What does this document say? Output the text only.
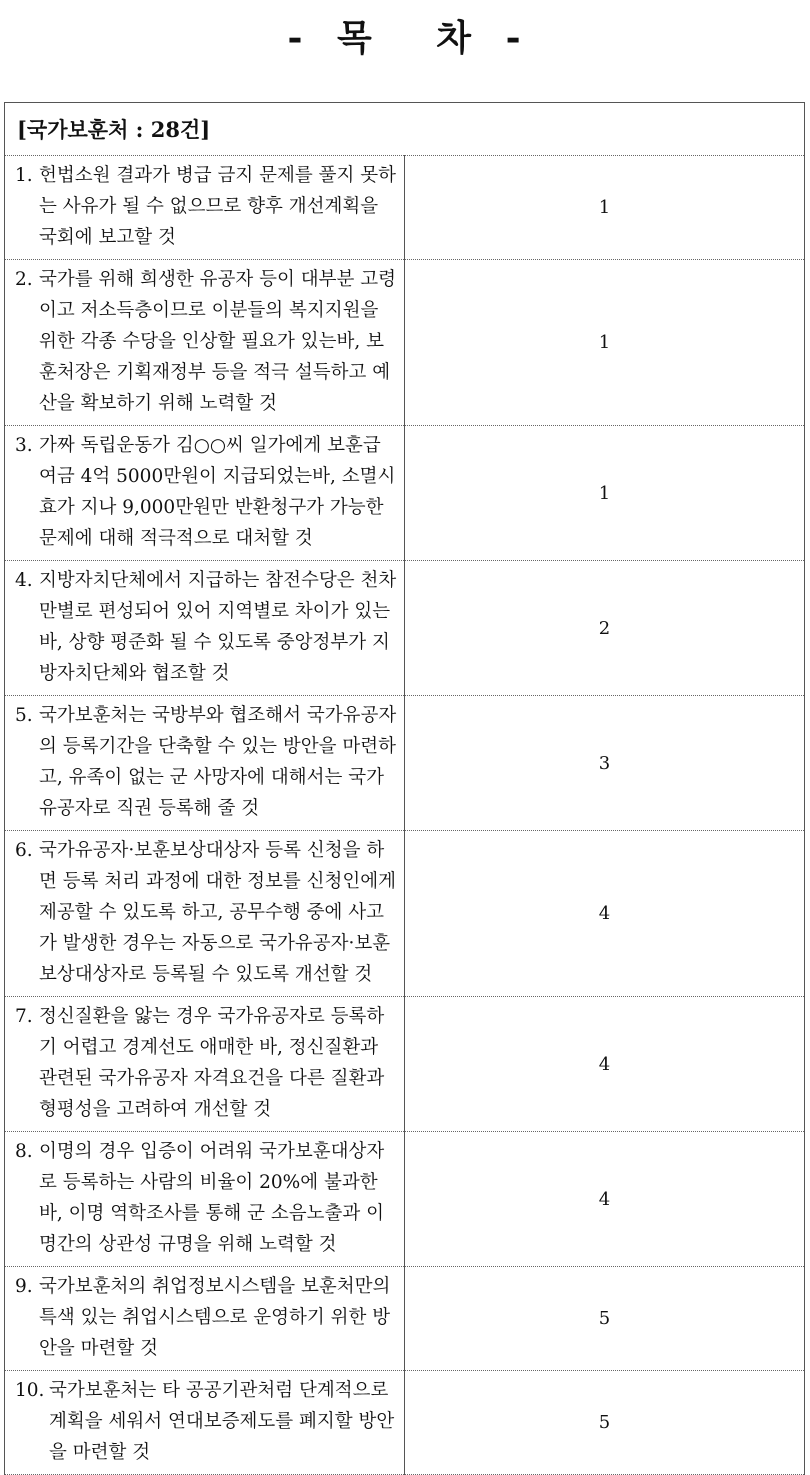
- 목 차 -
[국가보훈처 : 28건]	

1. 헌법소원 결과가 병급 금지 문제를 풀지 못하는 사유가 될 수 없으므로 향후 개선계획을 국회에 보고할 것	1

2. 국가를 위해 희생한 유공자 등이 대부분 고령이고 저소득층이므로 이분들의 복지지원을 위한 각종 수당을 인상할 필요가 있는바, 보훈처장은 기획재정부 등을 적극 설득하고 예산을 확보하기 위해 노력할 것	1

3. 가짜 독립운동가 김○○씨 일가에게 보훈급여금 4억 5000만원이 지급되었는바, 소멸시효가 지나 9,000만원만 반환청구가 가능한 문제에 대해 적극적으로 대처할 것	1

4. 지방자치단체에서 지급하는 참전수당은 천차만별로 편성되어 있어 지역별로 차이가 있는바, 상향 평준화 될 수 있도록 중앙정부가 지방자치단체와 협조할 것	2

5. 국가보훈처는 국방부와 협조해서 국가유공자의 등록기간을 단축할 수 있는 방안을 마련하고, 유족이 없는 군 사망자에 대해서는 국가유공자로 직권 등록해 줄 것	3

6. 국가유공자·보훈보상대상자 등록 신청을 하면 등록 처리 과정에 대한 정보를 신청인에게 제공할 수 있도록 하고, 공무수행 중에 사고가 발생한 경우는 자동으로 국가유공자·보훈보상대상자로 등록될 수 있도록 개선할 것	4

7. 정신질환을 앓는 경우 국가유공자로 등록하기 어렵고 경계선도 애매한 바, 정신질환과 관련된 국가유공자 자격요건을 다른 질환과 형평성을 고려하여 개선할 것	4

8. 이명의 경우 입증이 어려워 국가보훈대상자로 등록하는 사람의 비율이 20%에 불과한 바, 이명 역학조사를 통해 군 소음노출과 이명간의 상관성 규명을 위해 노력할 것	4

9. 국가보훈처의 취업정보시스템을 보훈처만의 특색 있는 취업시스템으로 운영하기 위한 방안을 마련할 것	5

10. 국가보훈처는 타 공공기관처럼 단계적으로 계획을 세워서 연대보증제도를 폐지할 방안을 마련할 것	5
